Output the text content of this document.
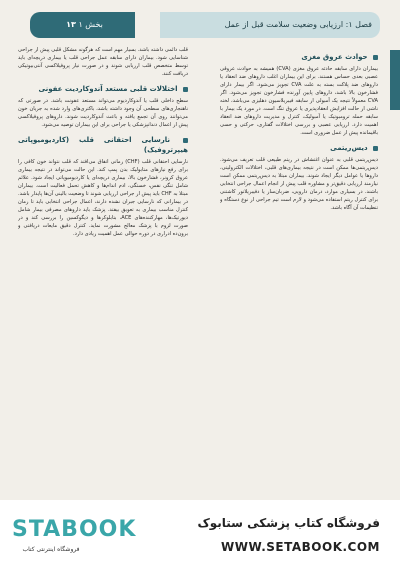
فصل ۱: ارزیابی وضعیت سلامت قبل از عمل
بخش ۱ ۱۳
حوادث عروق مغزی

بیماران دارای سابقه حادثه عروق مغزی (CVA) همیشه به حوادث عروقی عصبی بعدی حساس هستند. برای این بیماران اغلب داروهای ضد انعقاد یا داروهای ضد پلاکت بسته به علت CVA تجویز می‌شود. اگر بیمار دارای فشارخون بالا باشد، داروهای پایین آورنده فشارخون تجویز می‌شود. اگر CVA معمولاً نتیجه یک آمبولی از سابقه فیبریلاسیون دهلیزی می‌باشد، لخته ناشی از حالت افزایش انعقادپذیری یا عروق تنگ است. در مورد یک بیمار با سابقه حمله ترومبوتیک یا آمبولیک، کنترل و مدیریت داروهای ضد انعقاد اهمیت دارد. ارزیابی عصبی و بررسی اختلالات گفتاری، حرکتی و حسی باقیمانده پیش از عمل ضروری است.

دیس‌ریتمی

دیس‌ریتمی قلبی به عنوان اغتشاش در ریتم طبیعی قلب تعریف می‌شود. دیس‌ریتمی‌ها ممکن است در نتیجه بیماری‌های قلبی، اختلالات الکترولیتی، داروها یا عوامل دیگر ایجاد شوند. بیماران مبتلا به دیس‌ریتمی ممکن است نیازمند ارزیابی دقیق‌تر و مشاوره قلب پیش از انجام اعمال جراحی انتخابی باشند. در بسیاری موارد، درمان دارویی، ضربان‌ساز یا دفیبریلاتور کاشتنی برای کنترل ریتم استفاده می‌شود و لازم است تیم جراحی از نوع دستگاه و تنظیمات آن آگاه باشد.

قلب دائمی داشته باشد. بسیار مهم است که هرگونه مشکل قلبی پیش از جراحی شناسایی شود. بیماران دارای سابقه عمل جراحی قلب یا بیماری دریچه‌ای باید توسط متخصص قلب ارزیابی شوند و در صورت نیاز پروفیلاکسی آنتی‌بیوتیکی دریافت کنند.

اختلالات قلبی مستعد آندوکاردیت عفونی

سطح داخلی قلب یا آندوکاردیوم می‌تواند مستعد عفونت باشد. در صورتی که ناهنجاری‌های سطحی آن وجود داشته باشد، باکتری‌های وارد شده به جریان خون می‌توانند روی آن تجمع یافته و باعث آندوکاردیت شوند. داروهای پروفیلاکسی پیش از اعمال دندانپزشکی یا جراحی برای این بیماران توصیه می‌شود.

نارسایی احتقانی قلب (کاردیومیوپاتی هیپرتروفیک)

نارسایی احتقانی قلب (CHF) زمانی اتفاق می‌افتد که قلب نتواند خون کافی را برای رفع نیازهای متابولیک بدن پمپ کند. این حالت می‌تواند در نتیجه بیماری عروق کرونر، فشارخون بالا، بیماری دریچه‌ای یا کاردیومیوپاتی ایجاد شود. علائم شامل تنگی نفس، خستگی، ادم اندام‌ها و کاهش تحمل فعالیت است. بیماران مبتلا به CHF باید پیش از جراحی ارزیابی شوند تا وضعیت بالینی آن‌ها پایدار باشد. در بیمارانی که نارسایی جبران نشده دارند، اعمال جراحی انتخابی باید تا زمان کنترل مناسب بیماری به تعویق بیفتد. پزشک باید داروهای مصرفی بیمار شامل دیورتیک‌ها، مهارکننده‌های ACE، بتابلوکرها و دیگوکسین را بررسی کند و در صورت لزوم با پزشک معالج مشورت نماید. کنترل دقیق مایعات دریافتی و برون‌ده ادراری در دوره حوالی عمل اهمیت زیادی دارد.

STABOOK
فروشگاه اینترنتی کتاب
فروشگاه کتاب پزشکی ستابوک
WWW.SETABOOK.COM
